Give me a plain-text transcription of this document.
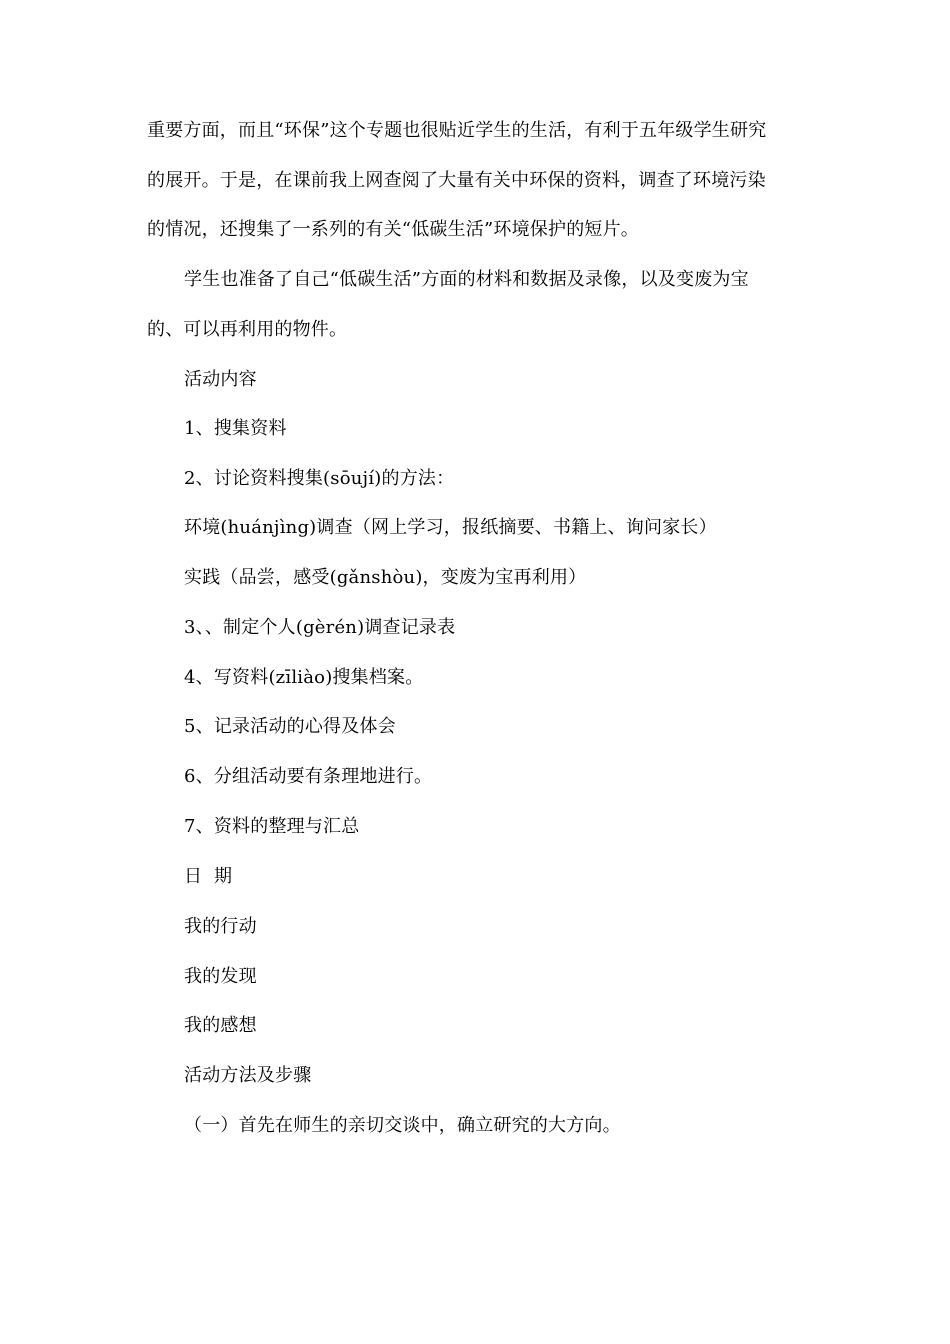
重要方面，而且“环保”这个专题也很贴近学生的生活，有利于五年级学生研究
的展开。于是，在课前我上网查阅了大量有关中环保的资料，调查了环境污染
的情况，还搜集了一系列的有关“低碳生活”环境保护的短片。
学生也准备了自己“低碳生活”方面的材料和数据及录像，以及变废为宝
的、可以再利用的物件。
活动内容
1、搜集资料
2、讨论资料搜集(sōují)的方法：
环境(huánjìng)调查（网上学习，报纸摘要、书籍上、询问家长）
实践（品尝，感受(gǎnshòu)，变废为宝再利用）
3、、制定个人(gèrén)调查记录表
4、写资料(zīliào)搜集档案。
5、记录活动的心得及体会
6、分组活动要有条理地进行。
7、资料的整理与汇总
日  期
我的行动
我的发现
我的感想
活动方法及步骤
（一）首先在师生的亲切交谈中，确立研究的大方向。
